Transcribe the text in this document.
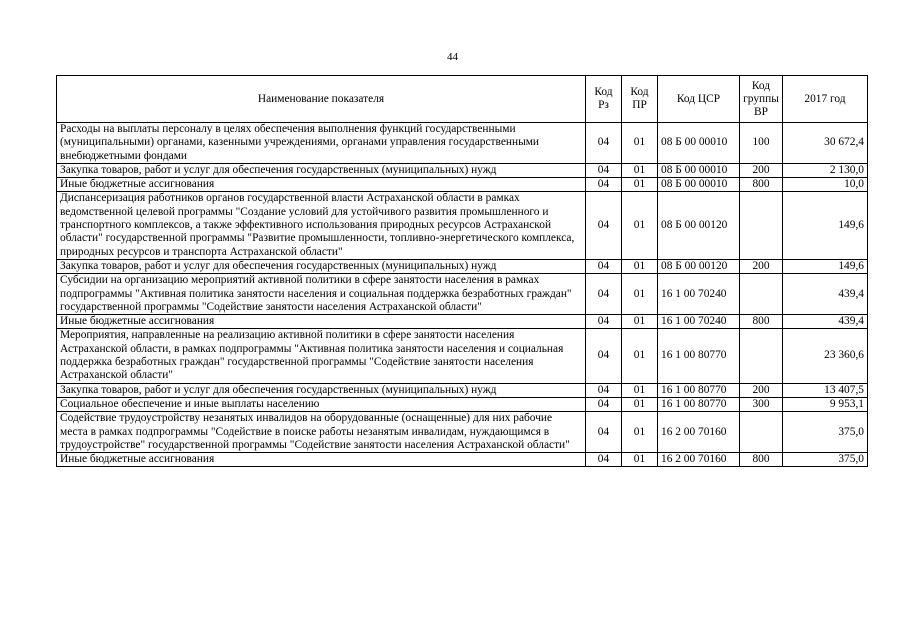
44
Наименование показателя	Код Рз	Код ПР	Код ЦСР	Код группы ВР	2017 год
Расходы на выплаты персоналу в целях обеспечения выполнения функций государственными (муниципальными) органами, казенными учреждениями, органами управления государственными внебюджетными фондами	04	01	08 Б 00 00010	100	30 672,4
Закупка товаров, работ и услуг для обеспечения государственных (муниципальных) нужд	04	01	08 Б 00 00010	200	2 130,0
Иные бюджетные ассигнования	04	01	08 Б 00 00010	800	10,0
Диспансеризация работников органов государственной власти Астраханской области в рамках ведомственной целевой программы "Создание условий для устойчивого развития промышленного и транспортного комплексов, а также эффективного использования природных ресурсов Астраханской области" государственной программы "Развитие промышленности, топливно-энергетического комплекса, природных ресурсов и транспорта Астраханской области"	04	01	08 Б 00 00120		149,6
Закупка товаров, работ и услуг для обеспечения государственных (муниципальных) нужд	04	01	08 Б 00 00120	200	149,6
Субсидии на организацию мероприятий активной политики в сфере занятости населения в рамках подпрограммы "Активная политика занятости населения и социальная поддержка безработных граждан" государственной программы "Содействие занятости населения Астраханской области"	04	01	16 1 00 70240		439,4
Иные бюджетные ассигнования	04	01	16 1 00 70240	800	439,4
Мероприятия, направленные на реализацию активной политики в сфере занятости населения Астраханской области, в рамках подпрограммы "Активная политика занятости населения и социальная поддержка безработных граждан" государственной программы "Содействие занятости населения Астраханской области"	04	01	16 1 00 80770		23 360,6
Закупка товаров, работ и услуг для обеспечения государственных (муниципальных) нужд	04	01	16 1 00 80770	200	13 407,5
Социальное обеспечение и иные выплаты населению	04	01	16 1 00 80770	300	9 953,1
Содействие трудоустройству незанятых инвалидов на оборудованные (оснащенные) для них рабочие места в рамках подпрограммы "Содействие в поиске работы незанятым инвалидам, нуждающимся в трудоустройстве" государственной программы "Содействие занятости населения Астраханской области"	04	01	16 2 00 70160		375,0
Иные бюджетные ассигнования	04	01	16 2 00 70160	800	375,0
